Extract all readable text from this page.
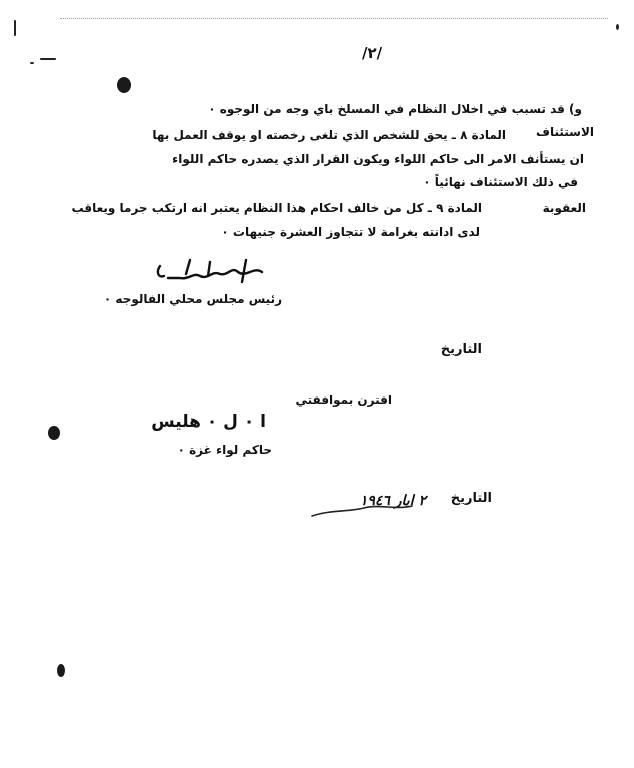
/٢/
و) قد تسبب في اخلال النظام في المسلخ باي وجه من الوجوه ٠
الاستئناف
المادة ٨ ـ يحق للشخص الذي تلغى رخصته او يوقف العمل بها
ان يستأنف الامر الى حاكم اللواء ويكون القرار الذي يصدره حاكم اللواء
في ذلك الاستئناف نهائياً ٠
العقوبة
المادة ٩ ـ كل من خالف احكام هذا النظام يعتبر انه ارتكب جرما ويعاقب
لدى ادانته بغرامة لا تتجاوز العشرة جنيهات ٠
رئيس مجلس محلي الفالوجه ٠
التاريخ
اقترن بموافقتي
ا ٠ ل ٠ هليس
حاكم لواء غزة ٠
التاريخ
٢ ايار ١٩٤٦
